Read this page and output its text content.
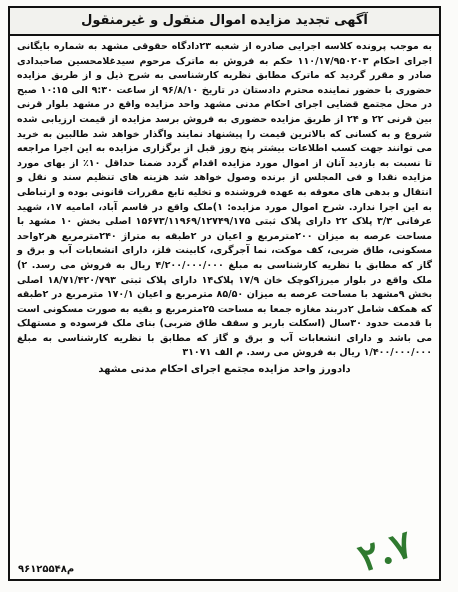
آگهی تجدید مزایده اموال منقول و غیرمنقول

به موجب پرونده کلاسه اجرایی صادره از شعبه ۲۳دادگاه حقوقی مشهد به شماره بایگانی اجرای احکام ۱۱۰/۱۷/۹۵۰۲۰۳ حکم به فروش به ماترک مرحوم سیدغلامحسین صاحبدادی صادر و مقرر گردید که ماترک مطابق نظریه کارشناسی به شرح ذیل و از طریق مزایده حضوری با حضور نماینده محترم دادستان در تاریخ ۹۶/۸/۱۰ از ساعت ۹:۳۰ الی ۱۰:۱۵ صبح در محل مجتمع قضایی اجرای احکام مدنی مشهد واحد مزایده واقع در مشهد بلوار قرنی بین قرنی ۲۲ و ۲۴ از طریق مزایده حضوری به فروش برسد مزایده از قیمت ارزیابی شده شروع و به کسانی که بالاترین قیمت را پیشنهاد نمایند واگذار خواهد شد طالبین به خرید می توانند جهت کسب اطلاعات بیشتر پنج روز قبل از برگزاری مزایده به این اجرا مراجعه تا نسبت به بازدید آنان از اموال مورد مزایده اقدام گردد ضمنا حداقل ۱۰٪ از بهای مورد مزایده نقدا و فی المجلس از برنده وصول خواهد شد هزینه های تنظیم سند و نقل و انتقال و بدهی های معوقه به عهده فروشنده و تخلیه تابع مقررات قانونی بوده و ارتباطی به این اجرا ندارد. شرح اموال مورد مزایده: ۱)ملک واقع در قاسم آباد، امامیه ۱۷، شهید عرفانی ۳/۳ پلاک ۲۲ دارای پلاک ثبتی ۱۵۶۷۳/۱۱۹۶۹/۱۲۷۴۹/۱۷۵ اصلی بخش ۱۰ مشهد با مساحت عرصه به میزان ۲۰۰مترمربع و اعیان در ۲طبقه به متراژ ۲۴۰مترمربع هر۲واحد مسکونی، طاق ضربی، کف موکت، نما آجرگری، کابینت فلز، دارای انشعابات آب و برق و گاز که مطابق با نظریه کارشناسی به مبلغ ۴/۲۰۰/۰۰۰/۰۰۰ ریال به فروش می رسد. ۲) ملک واقع در بلوار میرزاکوچک خان ۱۷/۹ پلاک۱۴ دارای پلاک ثبتی ۱۸/۷۱/۴۲۰/۷۹۳ اصلی بخش ۹مشهد با مساحت عرصه به میزان ۸۵/۵۰ مترمربع و اعیان ۱۷۰/۱ مترمربع در ۲طبقه که همکف شامل ۲دربند مغازه جمعا به مساحت ۲۵مترمربع و بقیه به صورت مسکونی است با قدمت حدود ۳۰سال (اسکلت باربر و سقف طاق ضربی) بنای ملک فرسوده و مستهلک می باشد و دارای انشعابات آب و برق و گاز که مطابق با نظریه کارشناسی به مبلغ ۱/۴۰۰/۰۰۰/۰۰۰ ریال به فروش می رسد. م الف ۳۱۰۷۱

دادورز واحد مزایده مجتمع اجرای احکام مدنی مشهد
م۹۶۱۲۵۵۴۸	۲.۷
